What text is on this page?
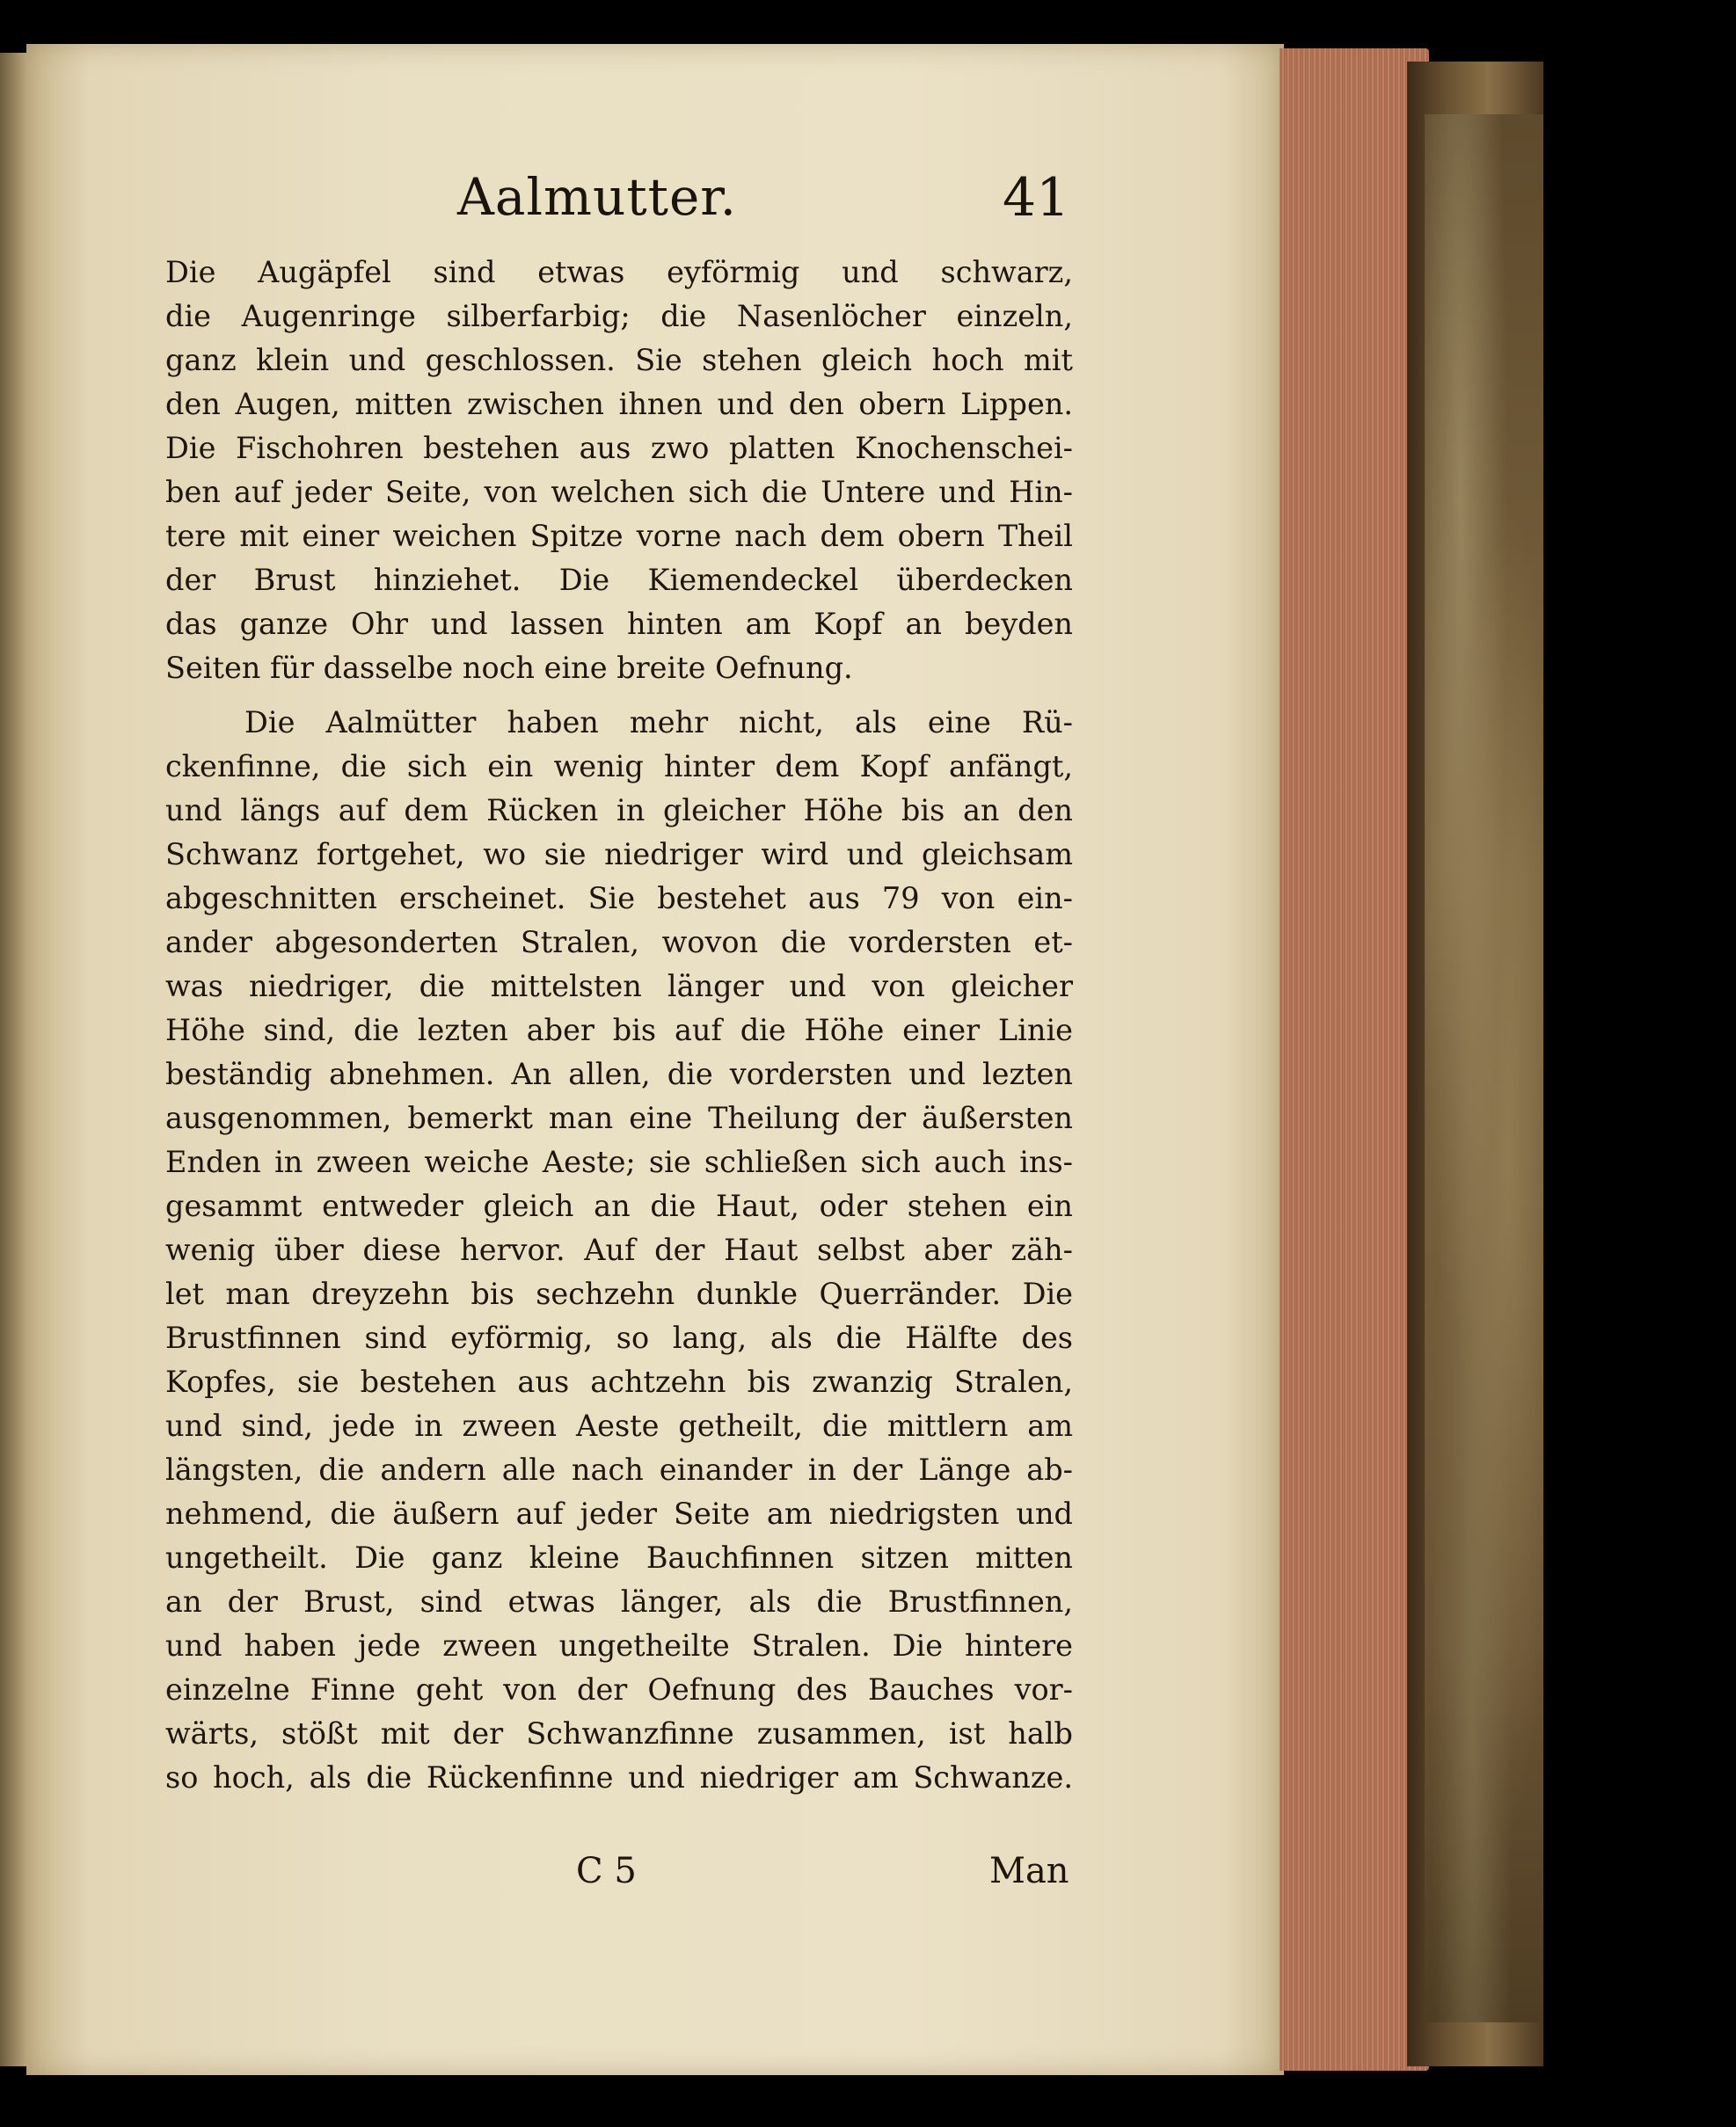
Aalmutter.	41
Die Augäpfel sind etwas eyförmig und schwarz,
die Augenringe silberfarbig; die Nasenlöcher einzeln,
ganz klein und geschlossen. Sie stehen gleich hoch mit
den Augen, mitten zwischen ihnen und den obern Lippen.
Die Fischohren bestehen aus zwo platten Knochenschei-
ben auf jeder Seite, von welchen sich die Untere und Hin-
tere mit einer weichen Spitze vorne nach dem obern Theil
der Brust hinziehet. Die Kiemendeckel überdecken
das ganze Ohr und lassen hinten am Kopf an beyden
Seiten für dasselbe noch eine breite Oefnung.
Die Aalmütter haben mehr nicht, als eine Rü-
ckenfinne, die sich ein wenig hinter dem Kopf anfängt,
und längs auf dem Rücken in gleicher Höhe bis an den
Schwanz fortgehet, wo sie niedriger wird und gleichsam
abgeschnitten erscheinet. Sie bestehet aus 79 von ein-
ander abgesonderten Stralen, wovon die vordersten et-
was niedriger, die mittelsten länger und von gleicher
Höhe sind, die lezten aber bis auf die Höhe einer Linie
beständig abnehmen. An allen, die vordersten und lezten
ausgenommen, bemerkt man eine Theilung der äußersten
Enden in zween weiche Aeste; sie schließen sich auch ins-
gesammt entweder gleich an die Haut, oder stehen ein
wenig über diese hervor. Auf der Haut selbst aber zäh-
let man dreyzehn bis sechzehn dunkle Querränder. Die
Brustfinnen sind eyförmig, so lang, als die Hälfte des
Kopfes, sie bestehen aus achtzehn bis zwanzig Stralen,
und sind, jede in zween Aeste getheilt, die mittlern am
längsten, die andern alle nach einander in der Länge ab-
nehmend, die äußern auf jeder Seite am niedrigsten und
ungetheilt. Die ganz kleine Bauchfinnen sitzen mitten
an der Brust, sind etwas länger, als die Brustfinnen,
und haben jede zween ungetheilte Stralen. Die hintere
einzelne Finne geht von der Oefnung des Bauches vor-
wärts, stößt mit der Schwanzfinne zusammen, ist halb
so hoch, als die Rückenfinne und niedriger am Schwanze.
C 5	Man
